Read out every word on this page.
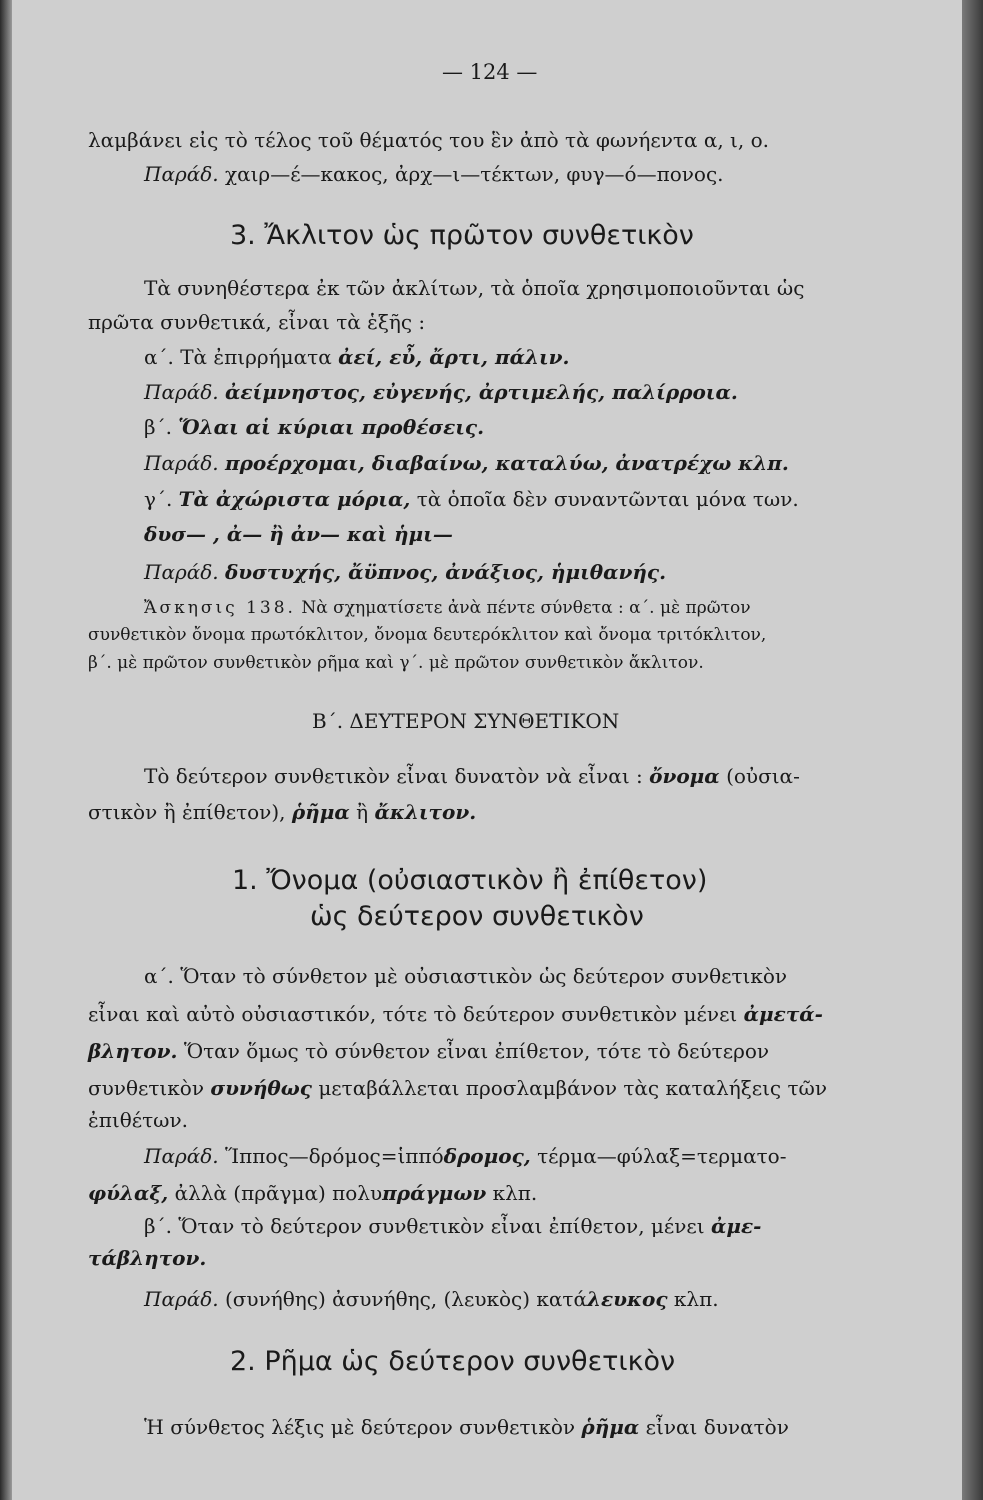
— 124 —
λαμβάνει εἰς τὸ τέλος τοῦ θέματός του ἓν ἀπὸ τὰ φωνήεντα α, ι, ο.
Παράδ. χαιρ—έ—κακος, ἀρχ—ι—τέκτων, φυγ—ό—πονος.
3. Ἄκλιτον ὡς πρῶτον συνθετικὸν
Τὰ συνηθέστερα ἐκ τῶν ἀκλίτων, τὰ ὁποῖα χρησιμοποιοῦνται ὡς
πρῶτα συνθετικά, εἶναι τὰ ἑξῆς :
α΄. Τὰ ἐπιρρήματα ἀεί, εὖ, ἄρτι, πάλιν.
Παράδ. ἀείμνηστος, εὐγενής, ἀρτιμελής, παλίρροια.
β΄. Ὅλαι αἱ κύριαι προθέσεις.
Παράδ. προέρχομαι, διαβαίνω, καταλύω, ἀνατρέχω κλπ.
γ΄. Τὰ ἀχώριστα μόρια, τὰ ὁποῖα δὲν συναντῶνται μόνα των.
δυσ— , ἀ— ἢ ἀν— καὶ ἡμι—
Παράδ. δυστυχής, ἄϋπνος, ἀνάξιος, ἡμιθανής.
Ἄσκησις 138. Νὰ σχηματίσετε ἀνὰ πέντε σύνθετα : α΄. μὲ πρῶτον
συνθετικὸν ὄνομα πρωτόκλιτον, ὄνομα δευτερόκλιτον καὶ ὄνομα τριτόκλιτον,
β΄. μὲ πρῶτον συνθετικὸν ρῆμα καὶ γ΄. μὲ πρῶτον συνθετικὸν ἄκλιτον.
Β΄. ΔΕΥΤΕΡΟΝ ΣΥΝΘΕΤΙΚΟΝ
Τὸ δεύτερον συνθετικὸν εἶναι δυνατὸν νὰ εἶναι : ὄνομα (οὐσια-
στικὸν ἢ ἐπίθετον), ῥῆμα ἢ ἄκλιτον.
1. Ὄνομα (οὐσιαστικὸν ἢ ἐπίθετον)
ὡς δεύτερον συνθετικὸν
α΄. Ὅταν τὸ σύνθετον μὲ οὐσιαστικὸν ὡς δεύτερον συνθετικὸν
εἶναι καὶ αὐτὸ οὐσιαστικόν, τότε τὸ δεύτερον συνθετικὸν μένει ἀμετά-
βλητον. Ὅταν ὅμως τὸ σύνθετον εἶναι ἐπίθετον, τότε τὸ δεύτερον
συνθετικὸν συνήθως μεταβάλλεται προσλαμβάνον τὰς καταλήξεις τῶν
ἐπιθέτων.
Παράδ. Ἵππος—δρόμος=ἱππόδρομος, τέρμα—φύλαξ=τερματο-
φύλαξ, ἀλλὰ (πρᾶγμα) πολυπράγμων κλπ.
β΄. Ὅταν τὸ δεύτερον συνθετικὸν εἶναι ἐπίθετον, μένει ἀμε-
τάβλητον.
Παράδ. (συνήθης) ἀσυνήθης, (λευκὸς) κατάλευκος κλπ.
2. Ρῆμα ὡς δεύτερον συνθετικὸν
Ἡ σύνθετος λέξις μὲ δεύτερον συνθετικὸν ῥῆμα εἶναι δυνατὸν
